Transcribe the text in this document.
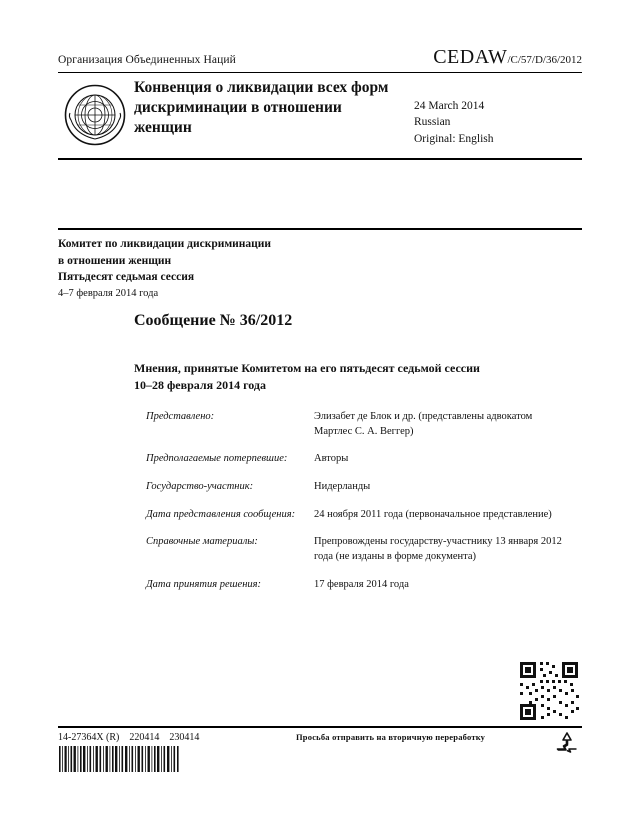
Организация Объединенных Наций	CEDAW/C/57/D/36/2012
Конвенция о ликвидации всех форм дискриминации в отношении женщин
24 March 2014
Russian
Original: English
Комитет по ликвидации дискриминации
в отношении женщин
Пятьдесят седьмая сессия
4–7 февраля 2014 года
Сообщение № 36/2012
Мнения, принятые Комитетом на его пятьдесят седьмой сессии
10–28 февраля 2014 года
Представлено:	Элизабет де Блок и др. (представлены адвокатом Мартлес С. А. Веггер)
Предполагаемые потерпевшие:	Авторы
Государство-участник:	Нидерланды
Дата представления сообщения:	24 ноября 2011 года (первоначальное представление)
Справочные материалы:	Препровождены государству-участнику 13 января 2012 года (не изданы в форме документа)
Дата принятия решения:	17 февраля 2014 года
14-27364X (R)    220414    230414	Просьба отправить на вторичную переработку
